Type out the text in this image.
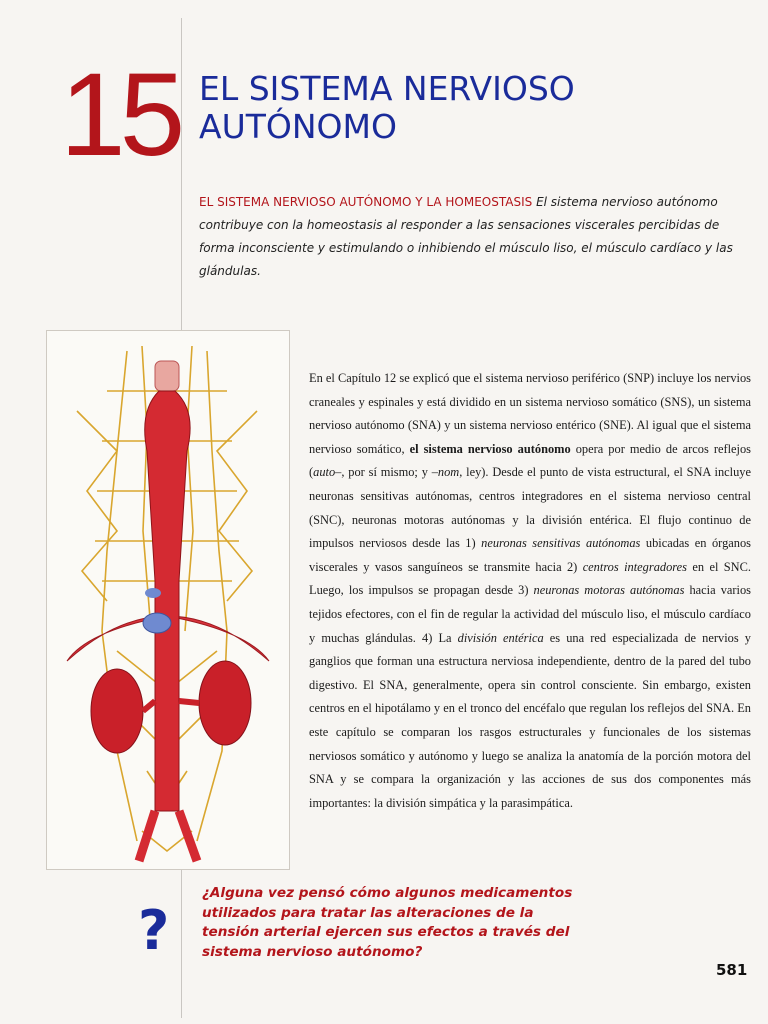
15 EL SISTEMA NERVIOSO
AUTÓNOMO

EL SISTEMA NERVIOSO AUTÓNOMO Y LA HOMEOSTASIS El sistema nervioso autónomo contribuye con la homeostasis al responder a las sensaciones viscerales percibidas de forma inconsciente y estimulando o inhibiendo el músculo liso, el músculo cardíaco y las glándulas.

En el Capítulo 12 se explicó que el sistema nervioso periférico (SNP) incluye los nervios craneales y espinales y está dividido en un sistema nervioso somático (SNS), un sistema nervioso autónomo (SNA) y un sistema nervioso entérico (SNE). Al igual que el sistema nervioso somático, el sistema nervioso autónomo opera por medio de arcos reflejos (auto–, por sí mismo; y –nom, ley). Desde el punto de vista estructural, el SNA incluye neuronas sensitivas autónomas, centros integradores en el sistema nervioso central (SNC), neuronas motoras autónomas y la división entérica. El flujo continuo de impulsos nerviosos desde las 1) neuronas sensitivas autónomas ubicadas en órganos viscerales y vasos sanguíneos se transmite hacia 2) centros integradores en el SNC. Luego, los impulsos se propagan desde 3) neuronas motoras autónomas hacia varios tejidos efectores, con el fin de regular la actividad del músculo liso, el músculo cardíaco y muchas glándulas. 4) La división entérica es una red especializada de nervios y ganglios que forman una estructura nerviosa independiente, dentro de la pared del tubo digestivo. El SNA, generalmente, opera sin control consciente. Sin embargo, existen centros en el hipotálamo y en el tronco del encéfalo que regulan los reflejos del SNA. En este capítulo se comparan los rasgos estructurales y funcionales de los sistemas nerviosos somático y autónomo y luego se analiza la anatomía de la porción motora del SNA y se compara la organización y las acciones de sus dos componentes más importantes: la división simpática y la parasimpática.

?

¿Alguna vez pensó cómo algunos medicamentos utilizados para tratar las alteraciones de la tensión arterial ejercen sus efectos a través del sistema nervioso autónomo?

581
